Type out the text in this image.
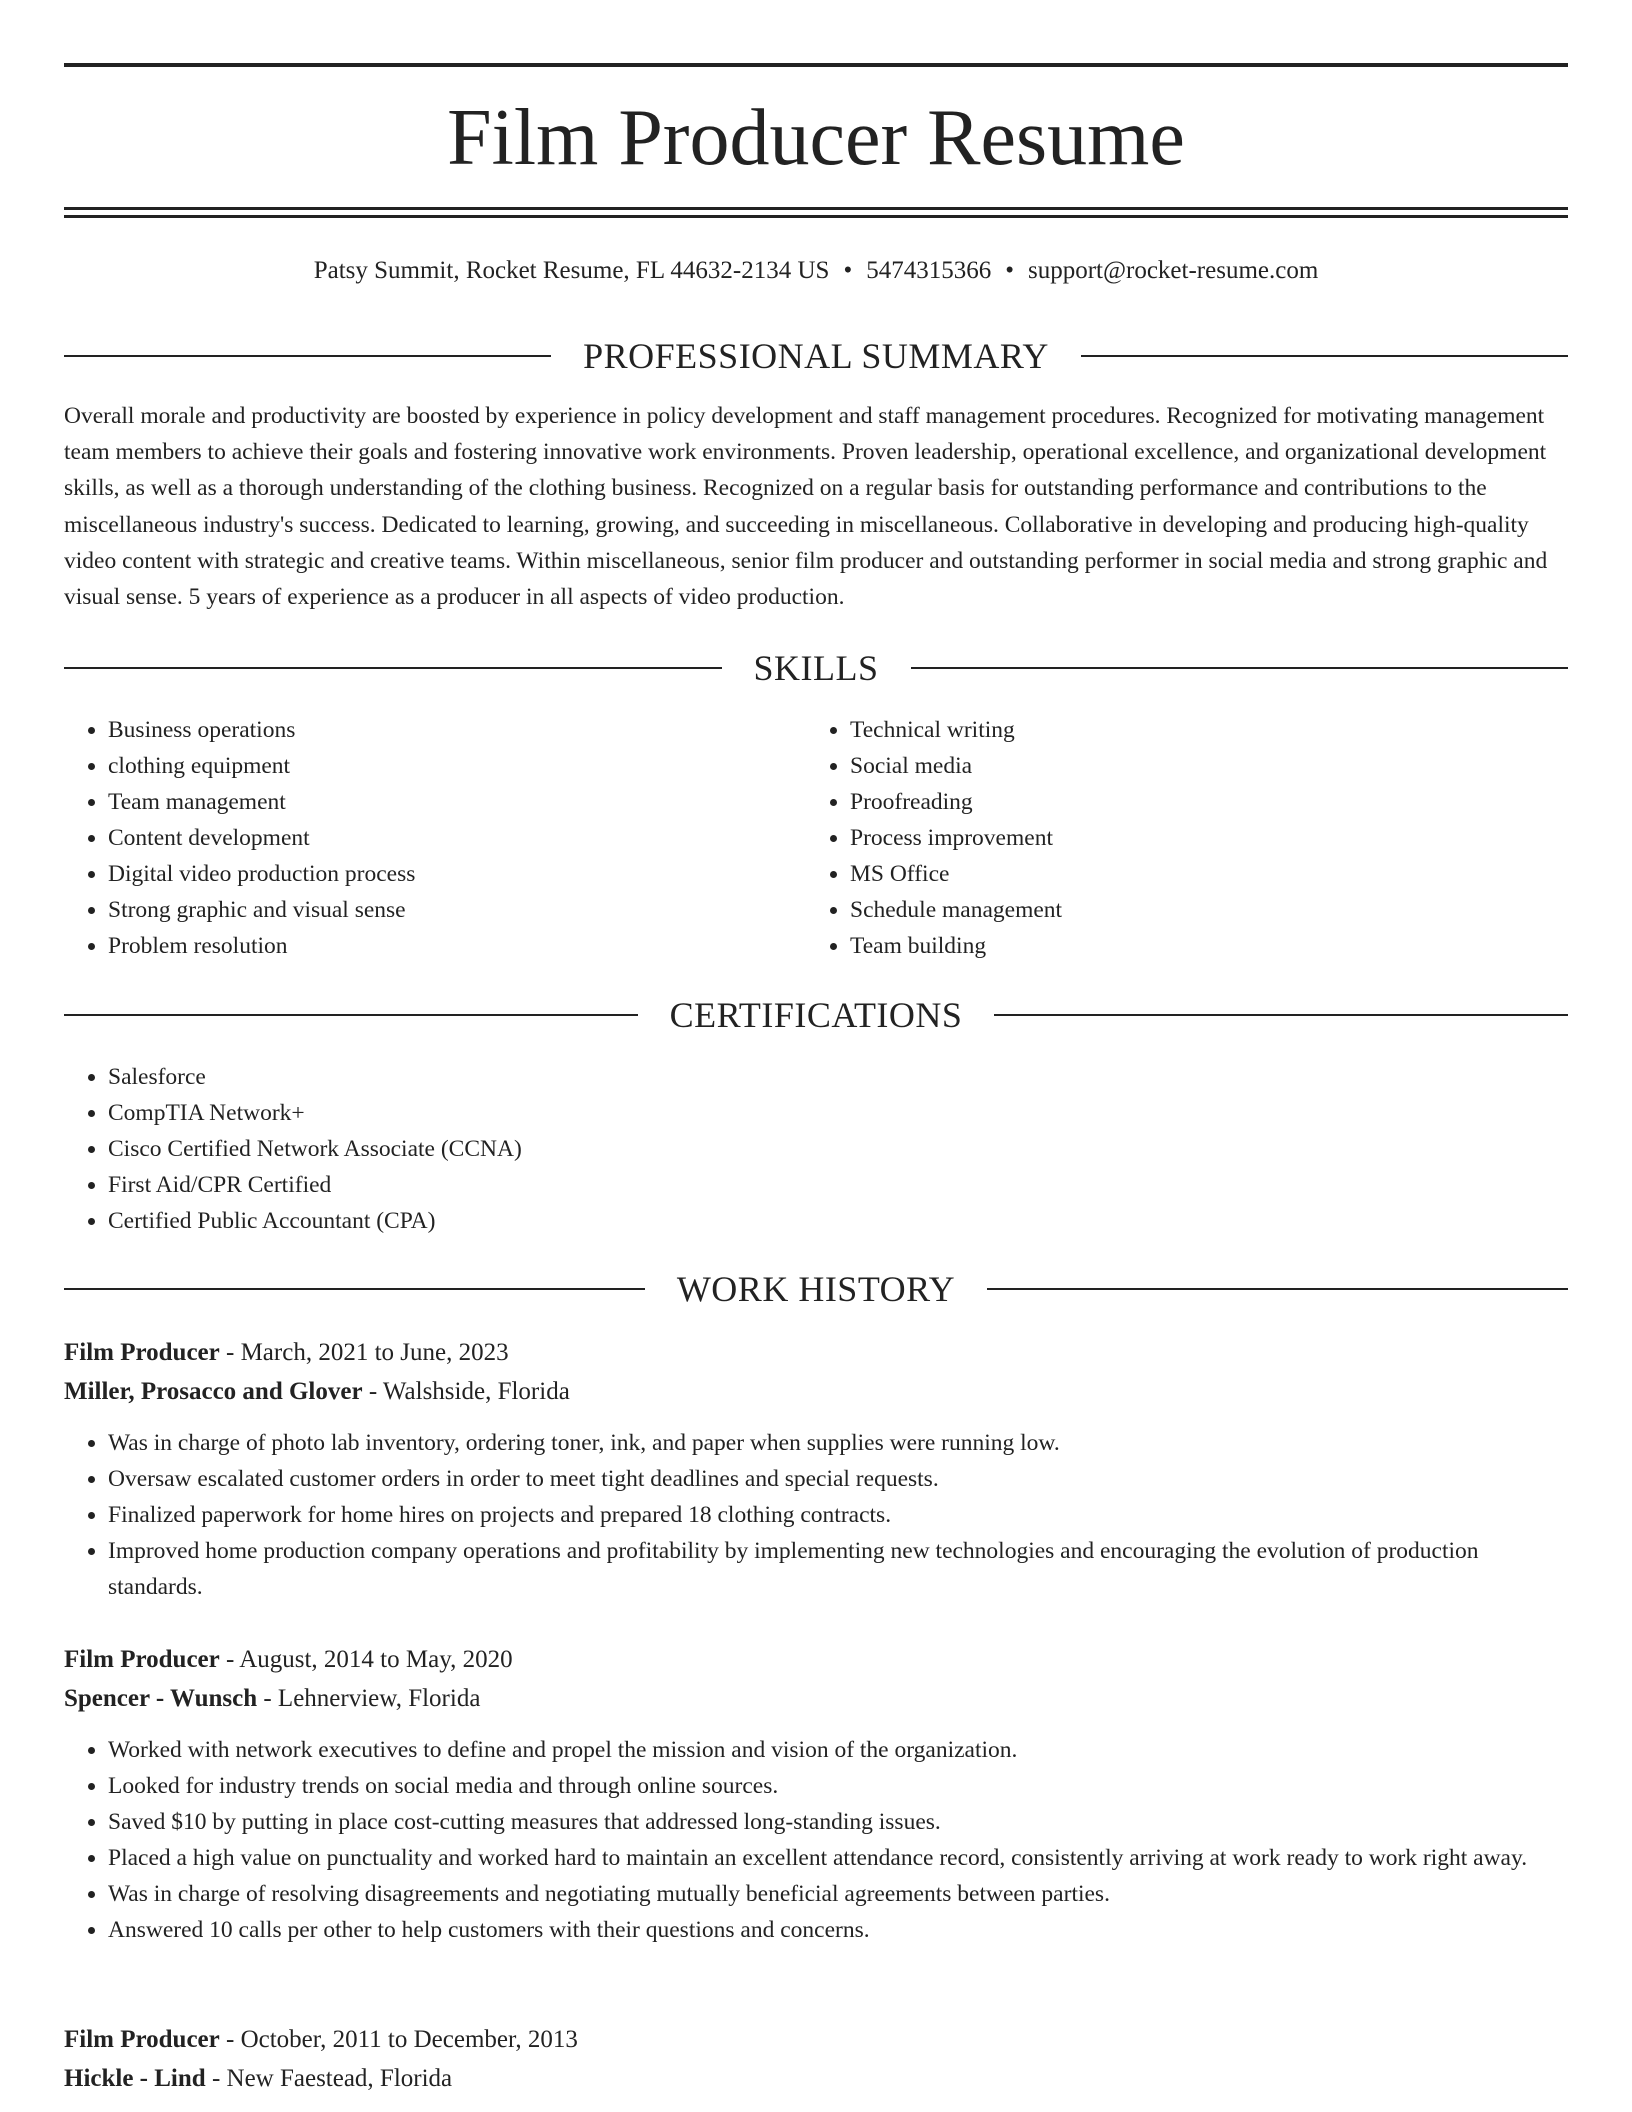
Film Producer Resume
Patsy Summit, Rocket Resume, FL 44632-2134 US • 5474315366 • support@rocket-resume.com
PROFESSIONAL SUMMARY

Overall morale and productivity are boosted by experience in policy development and staff management procedures. Recognized for motivating management team members to achieve their goals and fostering innovative work environments. Proven leadership, operational excellence, and organizational development skills, as well as a thorough understanding of the clothing business. Recognized on a regular basis for outstanding performance and contributions to the miscellaneous industry's success. Dedicated to learning, growing, and succeeding in miscellaneous. Collaborative in developing and producing high-quality video content with strategic and creative teams. Within miscellaneous, senior film producer and outstanding performer in social media and strong graphic and visual sense. 5 years of experience as a producer in all aspects of video production.

SKILLS
• Business operations
• clothing equipment
• Team management
• Content development
• Digital video production process
• Strong graphic and visual sense
• Problem resolution
• Technical writing
• Social media
• Proofreading
• Process improvement
• MS Office
• Schedule management
• Team building
CERTIFICATIONS
• Salesforce
• CompTIA Network+
• Cisco Certified Network Associate (CCNA)
• First Aid/CPR Certified
• Certified Public Accountant (CPA)
WORK HISTORY

Film Producer - March, 2021 to June, 2023

Miller, Prosacco and Glover - Walshside, Florida

• Was in charge of photo lab inventory, ordering toner, ink, and paper when supplies were running low.
• Oversaw escalated customer orders in order to meet tight deadlines and special requests.
• Finalized paperwork for home hires on projects and prepared 18 clothing contracts.
• Improved home production company operations and profitability by implementing new technologies and encouraging the evolution of production standards.

Film Producer - August, 2014 to May, 2020

Spencer - Wunsch - Lehnerview, Florida

• Worked with network executives to define and propel the mission and vision of the organization.
• Looked for industry trends on social media and through online sources.
• Saved $10 by putting in place cost-cutting measures that addressed long-standing issues.
• Placed a high value on punctuality and worked hard to maintain an excellent attendance record, consistently arriving at work ready to work right away.
• Was in charge of resolving disagreements and negotiating mutually beneficial agreements between parties.
• Answered 10 calls per other to help customers with their questions and concerns.

Film Producer - October, 2011 to December, 2013

Hickle - Lind - New Faestead, Florida
